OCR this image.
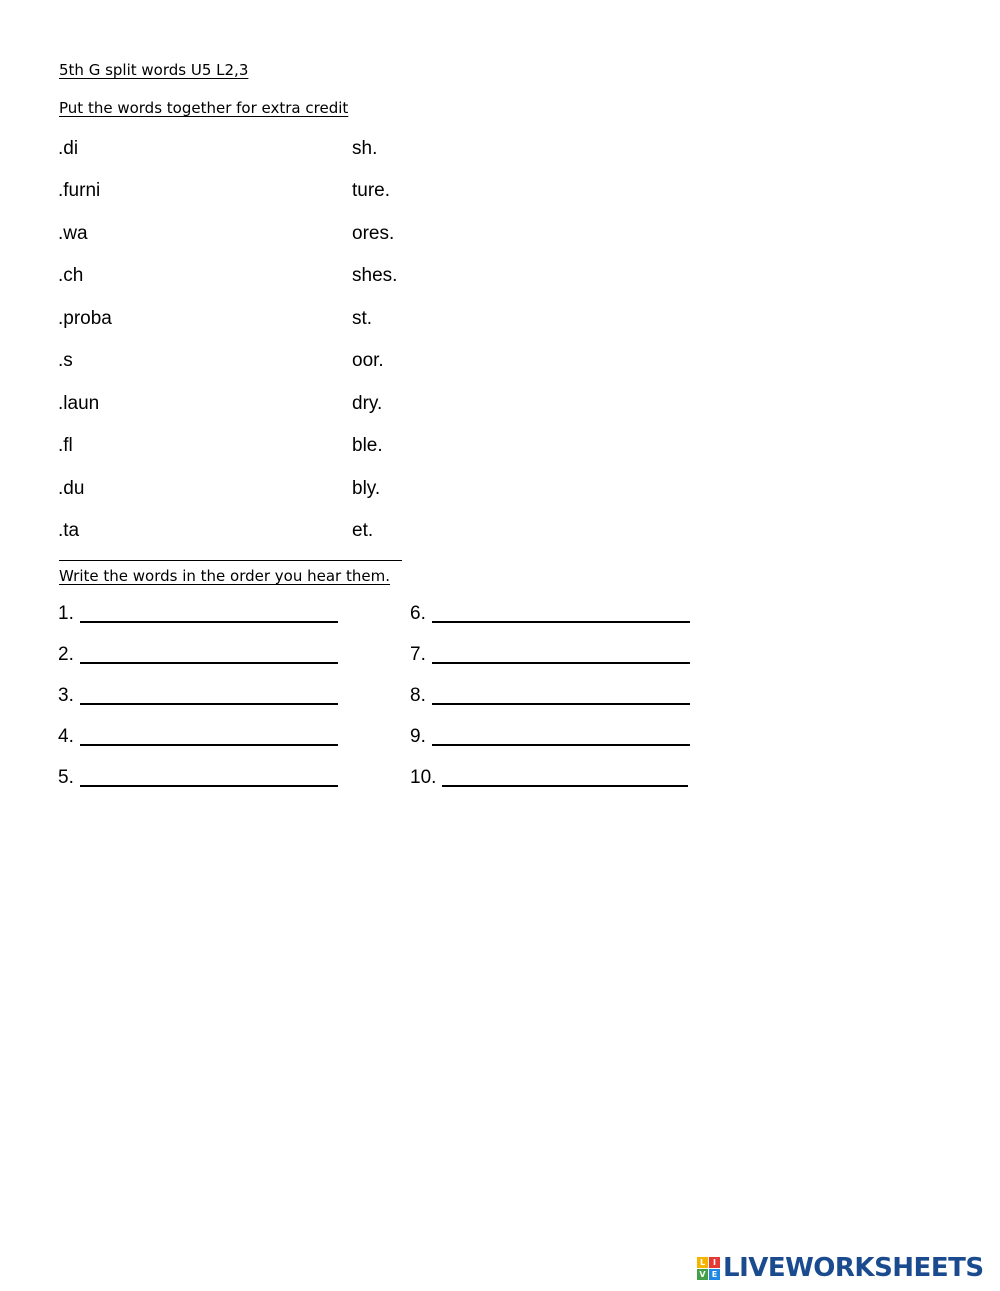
5th G split words U5 L2,3
Put the words together for extra credit
.di
.furni
.wa
.ch
.proba
.s
.laun
.fl
.du
.ta
sh.
ture.
ores.
shes.
st.
oor.
dry.
ble.
bly.
et.
Write the words in the order you hear them.
1.
2.
3.
4.
5.
6.
7.
8.
9.
10.
L I
V E LIVEWORKSHEETS
